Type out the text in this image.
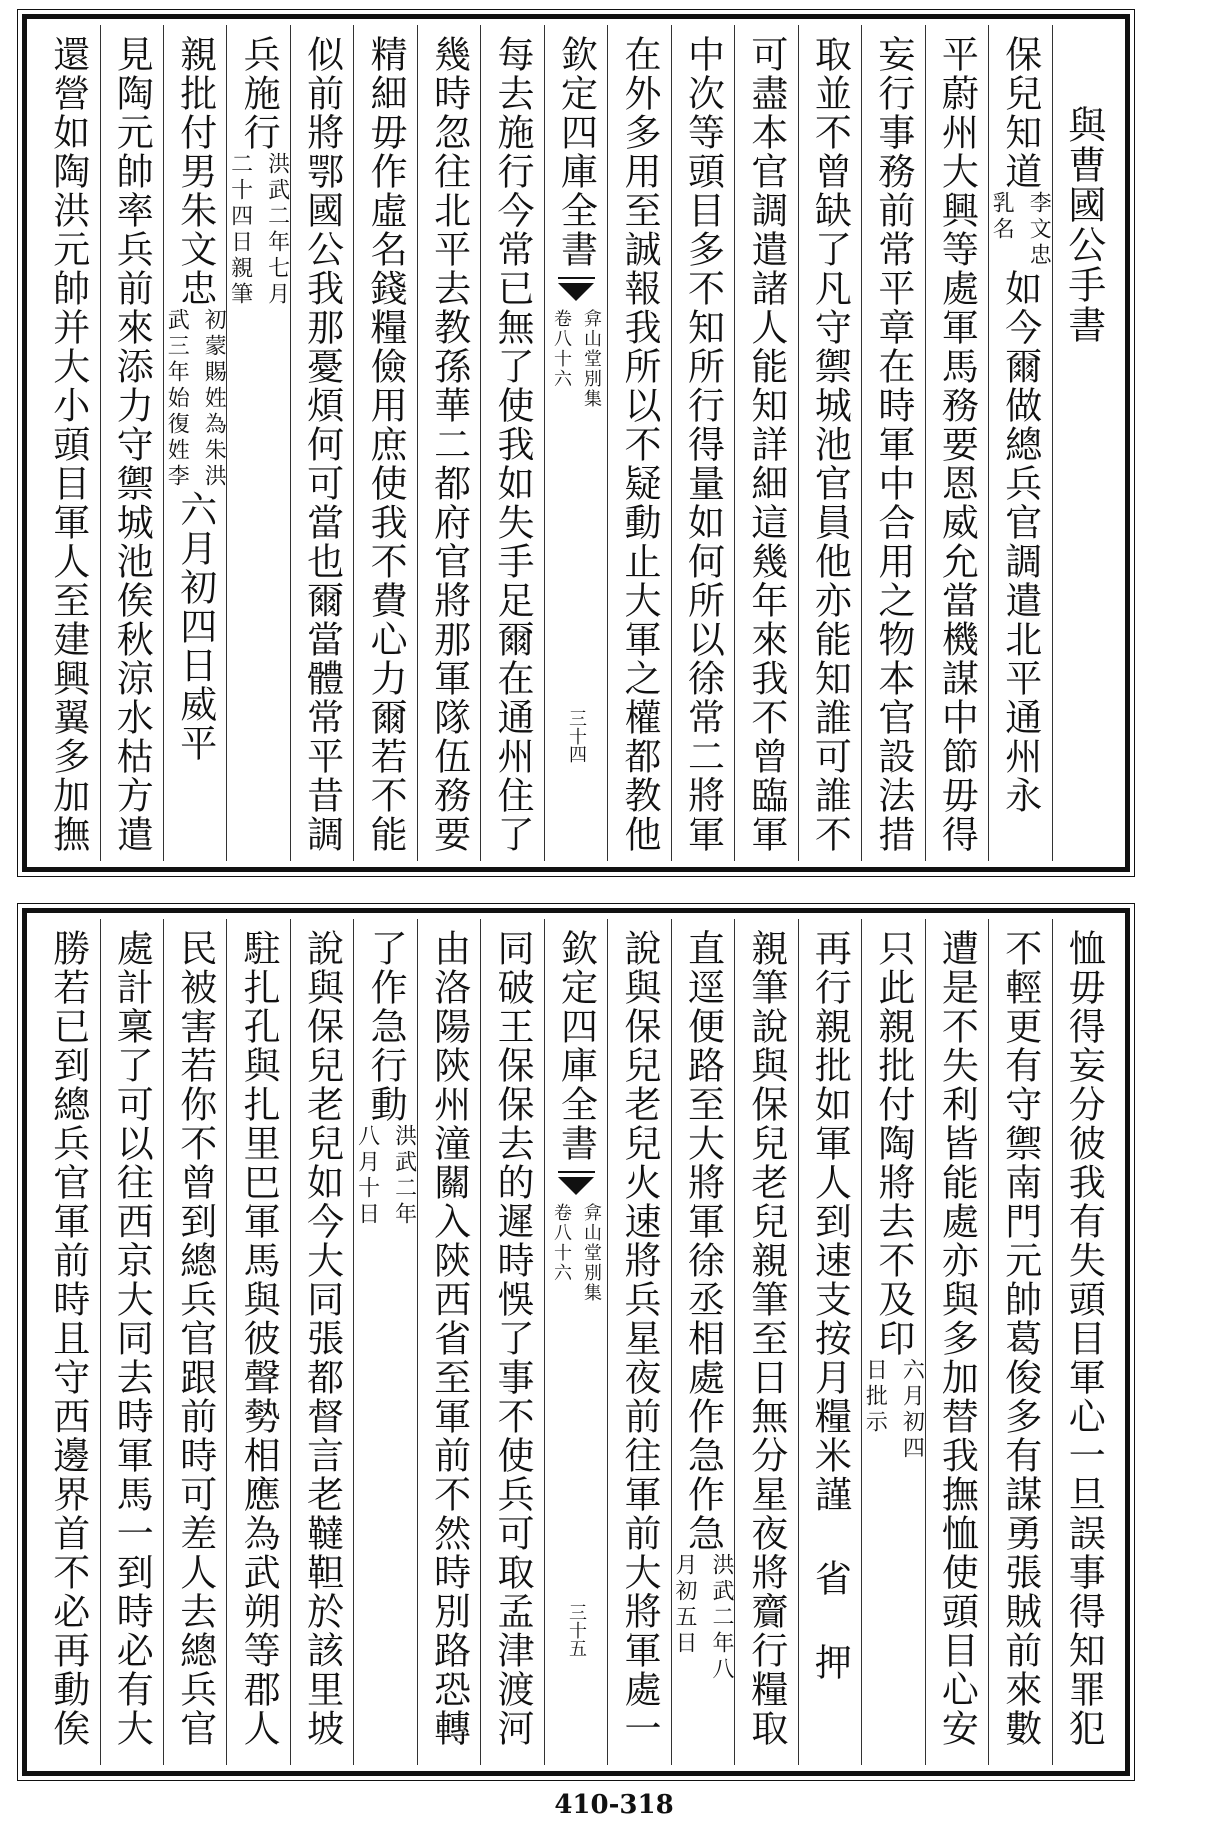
與曹國公手書
保兒知道
李文忠
乳名
如今爾做總兵官調遣北平通州永
平蔚州大興等處軍馬務要恩威允當機謀中節毋得
妄行事務前常平章在時軍中合用之物本官設法措
取並不曾缺了凡守禦城池官員他亦能知誰可誰不
可盡本官調遣諸人能知詳細這幾年來我不曾臨軍
中次等頭目多不知所行得量如何所以徐常二將軍
在外多用至誠報我所以不疑動止大軍之權都教他
欽定四庫全書
弇山堂別集
卷八十六
三十四
每去施行今常已無了使我如失手足爾在通州住了
幾時忽往北平去教孫華二都府官將那軍隊伍務要
精細毋作虛名錢糧儉用庶使我不費心力爾若不能
似前將鄂國公我那憂煩何可當也爾當體常平昔調
兵施行
洪武二年七月
二十四日親筆
親批付男朱文忠
初蒙賜姓為朱洪
武三年始復姓李
六月初四日威平
見陶元帥率兵前來添力守禦城池俟秋涼水枯方遣
還營如陶洪元帥并大小頭目軍人至建興翼多加撫
恤毋得妄分彼我有失頭目軍心一旦誤事得知罪犯
不輕更有守禦南門元帥葛俊多有謀勇張賊前來數
遭是不失利皆能處亦與多加替我撫恤使頭目心安
只此親批付陶將去不及印
六月初四
日批示
再行親批如軍人到速支按月糧米謹 省 押
親筆說與保兒老兒親筆至日無分星夜將齎行糧取
直逕便路至大將軍徐丞相處作急作急
洪武二年八
月初五日
說與保兒老兒火速將兵星夜前往軍前大將軍處一
欽定四庫全書
弇山堂別集
卷八十六
三十五
同破王保保去的遲時悞了事不使兵可取孟津渡河
由洛陽陝州潼關入陝西省至軍前不然時別路恐轉
了作急行動
洪武二年
八月十日
說與保兒老兒如今大同張都督言老韃靼於該里坡
駐扎孔與扎里巴軍馬與彼聲勢相應為武朔等郡人
民被害若你不曾到總兵官跟前時可差人去總兵官
處計稟了可以往西京大同去時軍馬一到時必有大
勝若已到總兵官軍前時且守西邊界首不必再動俟
410-318
